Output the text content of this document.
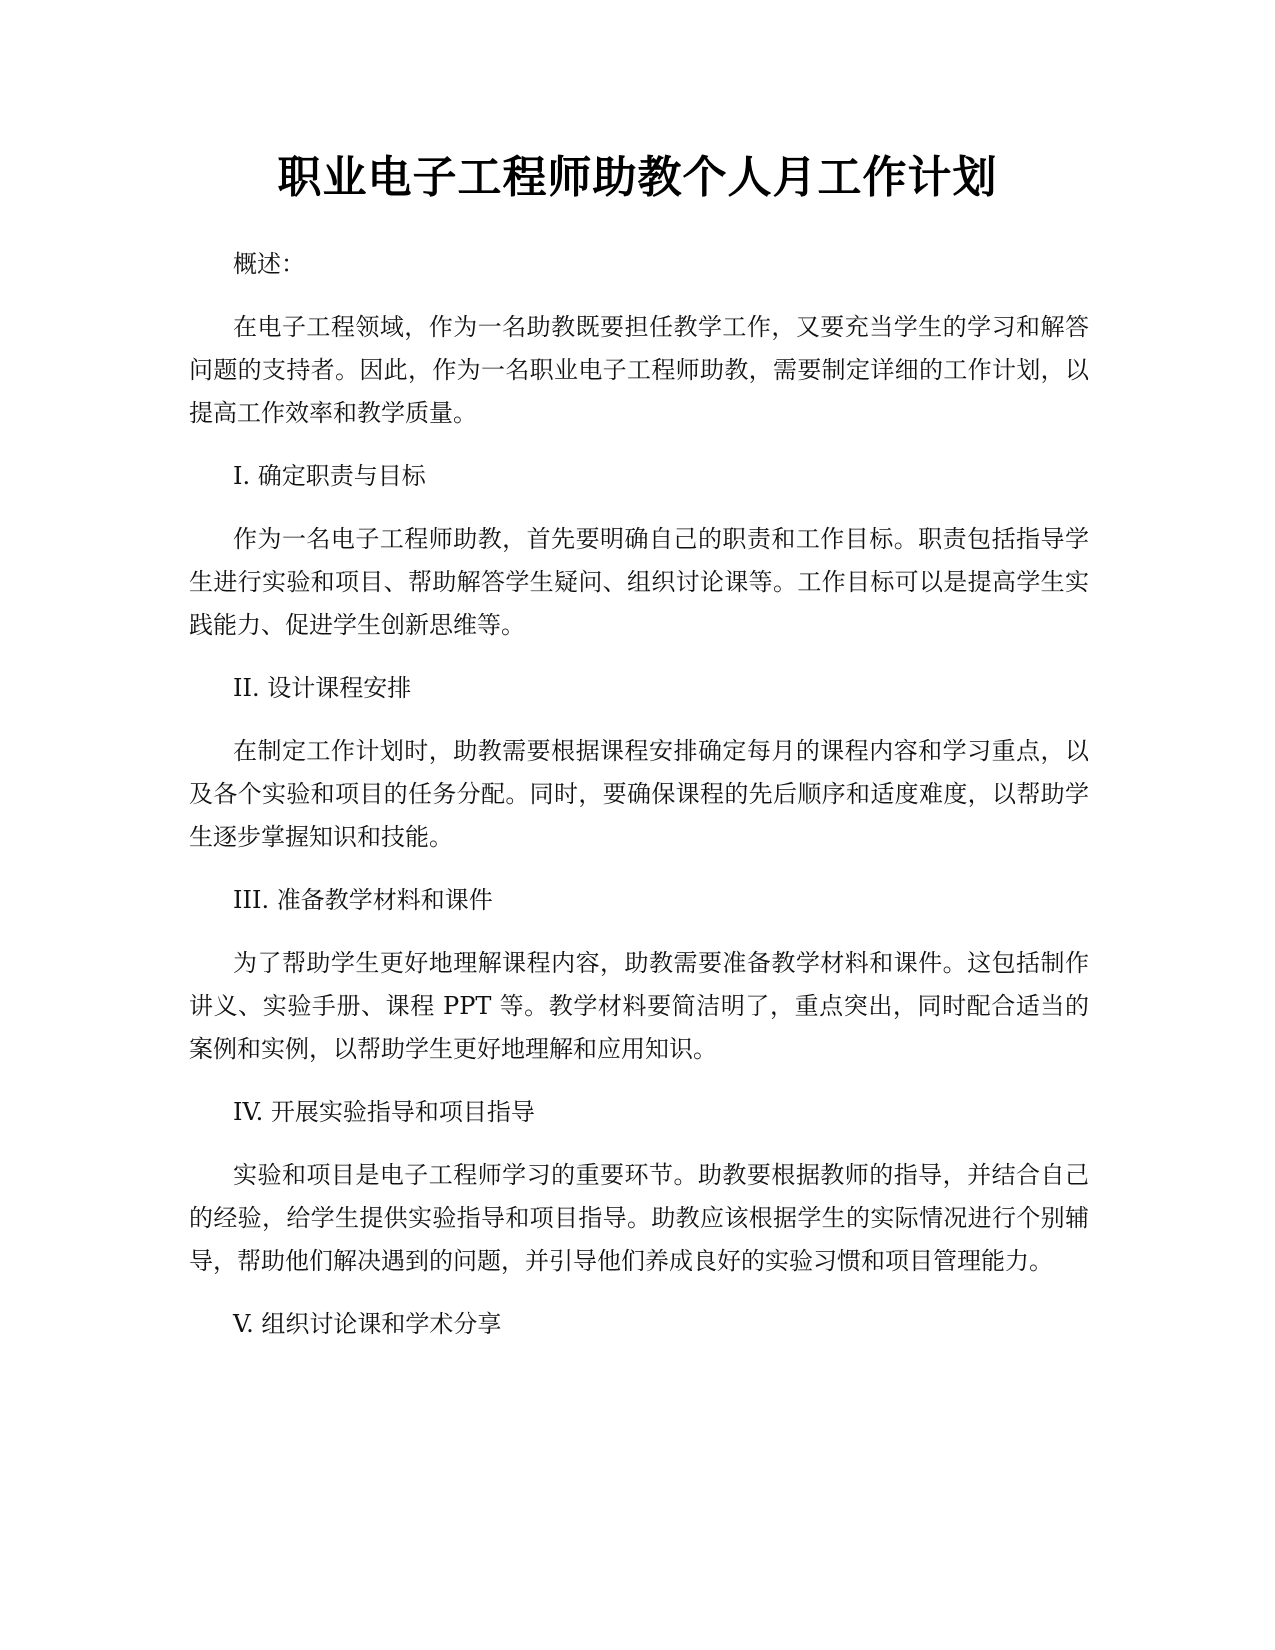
职业电子工程师助教个人月工作计划

概述：

在电子工程领域，作为一名助教既要担任教学工作，又要充当学生的学习和解答问题的支持者。因此，作为一名职业电子工程师助教，需要制定详细的工作计划，以提高工作效率和教学质量。

I. 确定职责与目标

作为一名电子工程师助教，首先要明确自己的职责和工作目标。职责包括指导学生进行实验和项目、帮助解答学生疑问、组织讨论课等。工作目标可以是提高学生实践能力、促进学生创新思维等。

II. 设计课程安排

在制定工作计划时，助教需要根据课程安排确定每月的课程内容和学习重点，以及各个实验和项目的任务分配。同时，要确保课程的先后顺序和适度难度，以帮助学生逐步掌握知识和技能。

III. 准备教学材料和课件

为了帮助学生更好地理解课程内容，助教需要准备教学材料和课件。这包括制作讲义、实验手册、课程 PPT 等。教学材料要简洁明了，重点突出，同时配合适当的案例和实例，以帮助学生更好地理解和应用知识。

IV. 开展实验指导和项目指导

实验和项目是电子工程师学习的重要环节。助教要根据教师的指导，并结合自己的经验，给学生提供实验指导和项目指导。助教应该根据学生的实际情况进行个别辅导，帮助他们解决遇到的问题，并引导他们养成良好的实验习惯和项目管理能力。

V. 组织讨论课和学术分享
